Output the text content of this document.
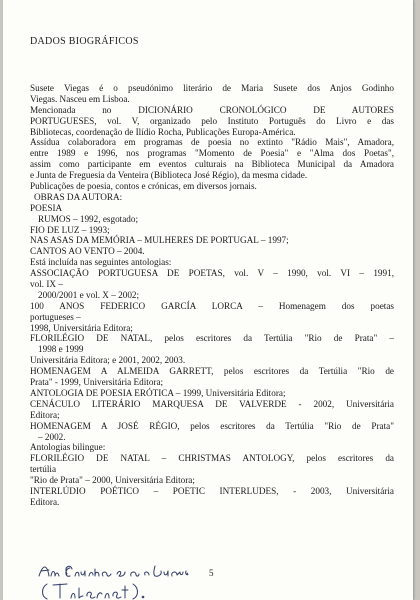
DADOS BIOGRÁFICOS
Susete Viegas é o pseudónimo literário de Maria Susete dos Anjos Godinho
Viegas. Nasceu em Lisboa.
Mencionada no DICIONÁRIO CRONOLÓGICO DE AUTORES
PORTUGUESES, vol. V, organizado pelo Instituto Português do Livro e das
Bibliotecas, coordenação de Ilídio Rocha, Publicações Europa-América.
Assídua colaboradora em programas de poesia no extinto "Rádio Mais", Amadora,
entre 1989 e 1996, nos programas "Momento de Poesia" e "Alma dos Poetas",
assim como participante em eventos culturais na Biblioteca Municipal da Amadora
e Junta de Freguesia da Venteira (Biblioteca José Régio), da mesma cidade.
Publicações de poesia, contos e crónicas, em diversos jornais.
OBRAS DA AUTORA:
POESIA
RUMOS – 1992, esgotado;
FIO DE LUZ – 1993;
NAS ASAS DA MEMÓRIA – MULHERES DE PORTUGAL – 1997;
CANTOS AO VENTO – 2004.
Está incluída nas seguintes antologias:
ASSOCIAÇÃO PORTUGUESA DE POETAS, vol. V – 1990, vol. VI – 1991,
vol. IX –
2000/2001 e vol. X – 2002;
100 ANOS FEDERICO GARCÍA LORCA – Homenagem dos poetas
portugueses –
1998, Universitária Editora;
FLORILÉGIO DE NATAL, pelos escritores da Tertúlia "Rio de Prata" –
1998 e 1999
Universitária Editora; e 2001, 2002, 2003.
HOMENAGEM A ALMEIDA GARRETT, pelos escritores da Tertúlia "Rio de
Prata" - 1999, Universitária Editora;
ANTOLOGIA DE POESIA ERÓTICA – 1999, Universitária Editora;
CENÁCULO LITERÁRIO MARQUESA DE VALVERDE - 2002, Universitária
Editora;
HOMENAGEM A JOSÉ RÉGIO, pelos escritores da Tertúlia "Rio de Prata"
– 2002.
Antologias bilingue:
FLORILÉGIO DE NATAL – CHRISTMAS ANTOLOGY, pelos escritores da
tertúlia
"Rio de Prata" – 2000, Universitária Editora;
INTERLÚDIO POÉTICO – POETIC INTERLUDES, - 2003, Universitária
Editora.
5
